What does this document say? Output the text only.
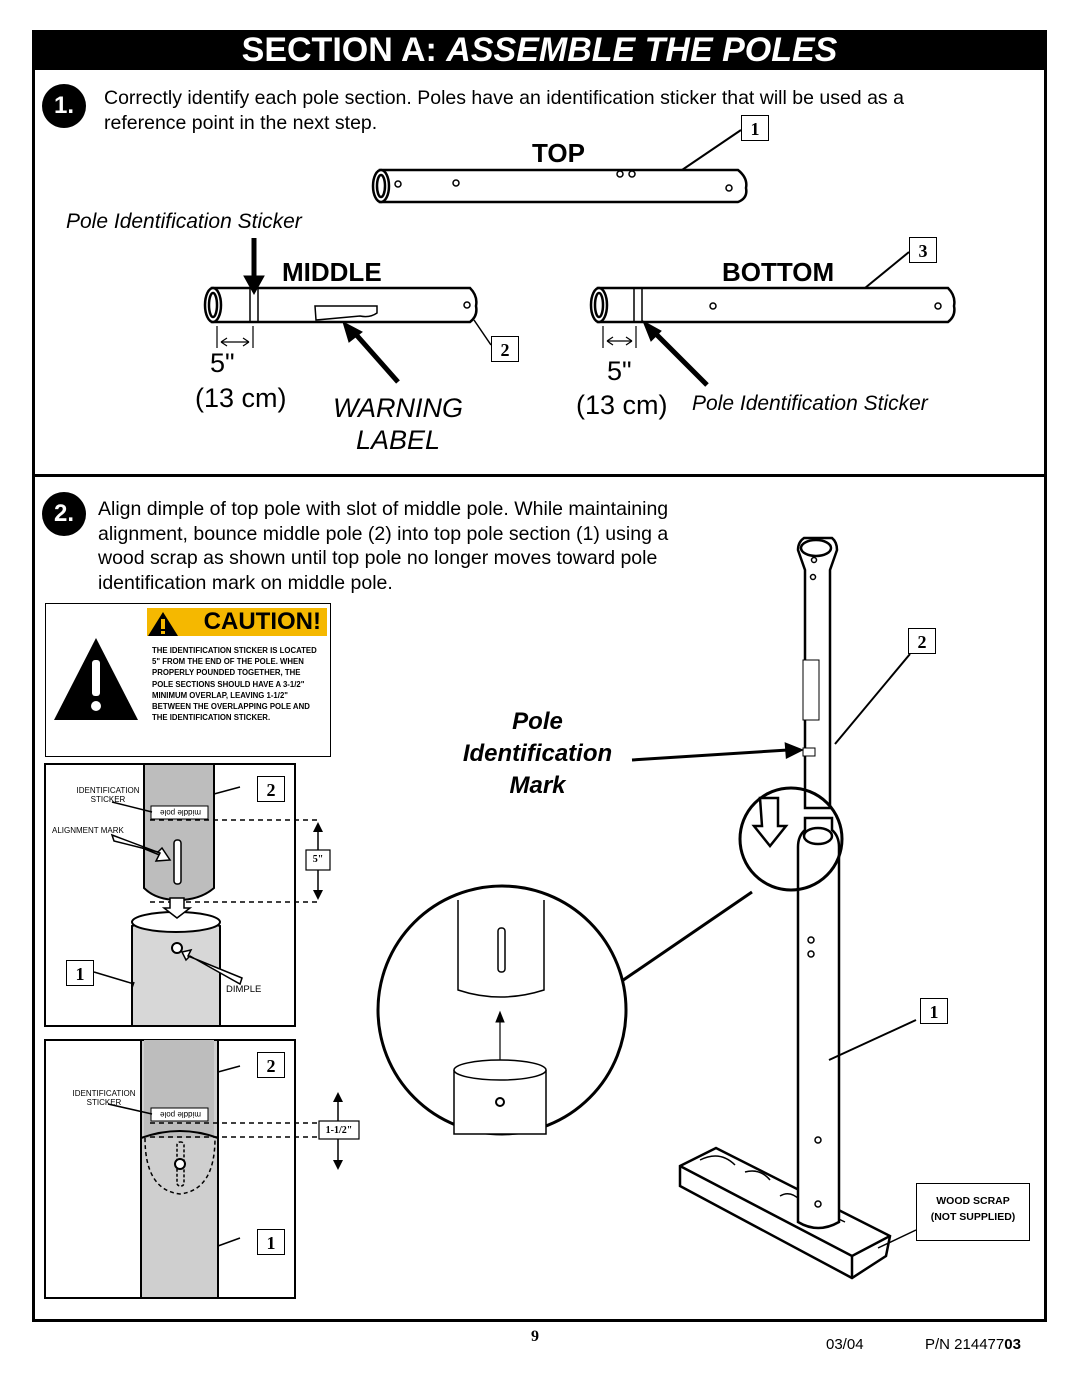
SECTION A: ASSEMBLE THE POLES
1.	Correctly identify each pole section. Poles have an identification sticker that will be used as a
reference point in the next step.
TOP
MIDDLE	BOTTOM
Pole Identification Sticker
Pole Identification Sticker
5"
(13 cm)
5"
(13 cm)
WARNING
LABEL
1
2
3
2.	Align dimple of top pole with slot of middle pole. While maintaining
alignment, bounce middle pole (2) into top pole section (1) using a
wood scrap as shown until top pole no longer moves toward pole
identification mark on middle pole.
CAUTION!
THE IDENTIFICATION STICKER IS LOCATED 5" FROM THE END OF THE POLE. WHEN PROPERLY POUNDED TOGETHER, THE POLE SECTIONS SHOULD HAVE A 3-1/2" MINIMUM OVERLAP, LEAVING 1-1/2" BETWEEN THE OVERLAPPING POLE AND THE IDENTIFICATION STICKER.	Pole
Identification
Mark
IDENTIFICATION STICKER
middle pole
ALIGNMENT MARK
DIMPLE
5"
2
1
IDENTIFICATION STICKER
middle pole
1-1/2"
2
1
2
1
WOOD SCRAP
(NOT SUPPLIED)
9	03/04	P/N 21447703
